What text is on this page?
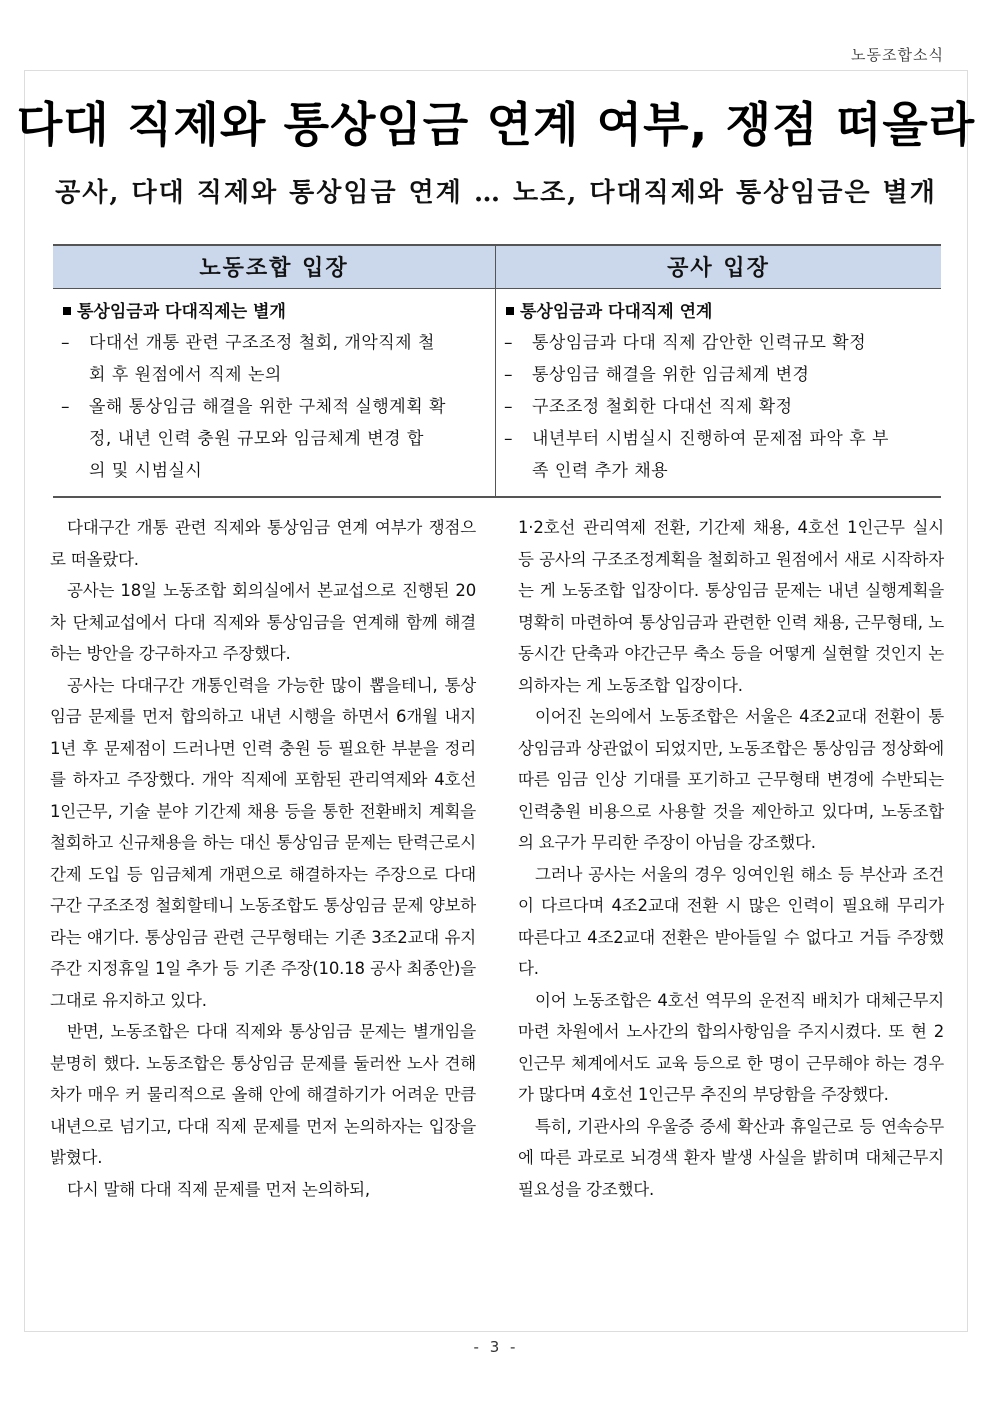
노동조합소식
다대 직제와 통상임금 연계 여부, 쟁점 떠올라
공사, 다대 직제와 통상임금 연계 … 노조, 다대직제와 통상임금은 별개
노동조합 입장
통상임금과 다대직제는 별개
– 다대선 개통 관련 구조조정 철회, 개악직제 철
회 후 원점에서 직제 논의
– 올해 통상임금 해결을 위한 구체적 실행계획 확
정, 내년 인력 충원 규모와 임금체계 변경 합
의 및 시범실시
공사 입장
통상임금과 다대직제 연계
– 통상임금과 다대 직제 감안한 인력규모 확정
– 통상임금 해결을 위한 임금체계 변경
– 구조조정 철회한 다대선 직제 확정
– 내년부터 시범실시 진행하여 문제점 파악 후 부
족 인력 추가 채용

다대구간 개통 관련 직제와 통상임금 연계 여부가 쟁점으로 떠올랐다.

공사는 18일 노동조합 회의실에서 본교섭으로 진행된 20차 단체교섭에서 다대 직제와 통상임금을 연계해 함께 해결하는 방안을 강구하자고 주장했다.

공사는 다대구간 개통인력을 가능한 많이 뽑을테니, 통상임금 문제를 먼저 합의하고 내년 시행을 하면서 6개월 내지 1년 후 문제점이 드러나면 인력 충원 등 필요한 부분을 정리를 하자고 주장했다. 개악 직제에 포함된 관리역제와 4호선 1인근무, 기술 분야 기간제 채용 등을 통한 전환배치 계획을 철회하고 신규채용을 하는 대신 통상임금 문제는 탄력근로시간제 도입 등 임금체계 개편으로 해결하자는 주장으로 다대구간 구조조정 철회할테니 노동조합도 통상임금 문제 양보하라는 얘기다. 통상임금 관련 근무형태는 기존 3조2교대 유지 주간 지정휴일 1일 추가 등 기존 주장(10.18 공사 최종안)을 그대로 유지하고 있다.

반면, 노동조합은 다대 직제와 통상임금 문제는 별개임을 분명히 했다. 노동조합은 통상임금 문제를 둘러싼 노사 견해차가 매우 커 물리적으로 올해 안에 해결하기가 어려운 만큼 내년으로 넘기고, 다대 직제 문제를 먼저 논의하자는 입장을 밝혔다.

다시 말해 다대 직제 문제를 먼저 논의하되,

1·2호선 관리역제 전환, 기간제 채용, 4호선 1인근무 실시 등 공사의 구조조정계획을 철회하고 원점에서 새로 시작하자는 게 노동조합 입장이다. 통상임금 문제는 내년 실행계획을 명확히 마련하여 통상임금과 관련한 인력 채용, 근무형태, 노동시간 단축과 야간근무 축소 등을 어떻게 실현할 것인지 논의하자는 게 노동조합 입장이다.

이어진 논의에서 노동조합은 서울은 4조2교대 전환이 통상임금과 상관없이 되었지만, 노동조합은 통상임금 정상화에 따른 임금 인상 기대를 포기하고 근무형태 변경에 수반되는 인력충원 비용으로 사용할 것을 제안하고 있다며, 노동조합의 요구가 무리한 주장이 아님을 강조했다.

그러나 공사는 서울의 경우 잉여인원 해소 등 부산과 조건이 다르다며 4조2교대 전환 시 많은 인력이 필요해 무리가 따른다고 4조2교대 전환은 받아들일 수 없다고 거듭 주장했다.

이어 노동조합은 4호선 역무의 운전직 배치가 대체근무지 마련 차원에서 노사간의 합의사항임을 주지시켰다. 또 현 2인근무 체계에서도 교육 등으로 한 명이 근무해야 하는 경우가 많다며 4호선 1인근무 추진의 부당함을 주장했다.

특히, 기관사의 우울증 증세 확산과 휴일근로 등 연속승무에 따른 과로로 뇌경색 환자 발생 사실을 밝히며 대체근무지 필요성을 강조했다.

- 3 -
